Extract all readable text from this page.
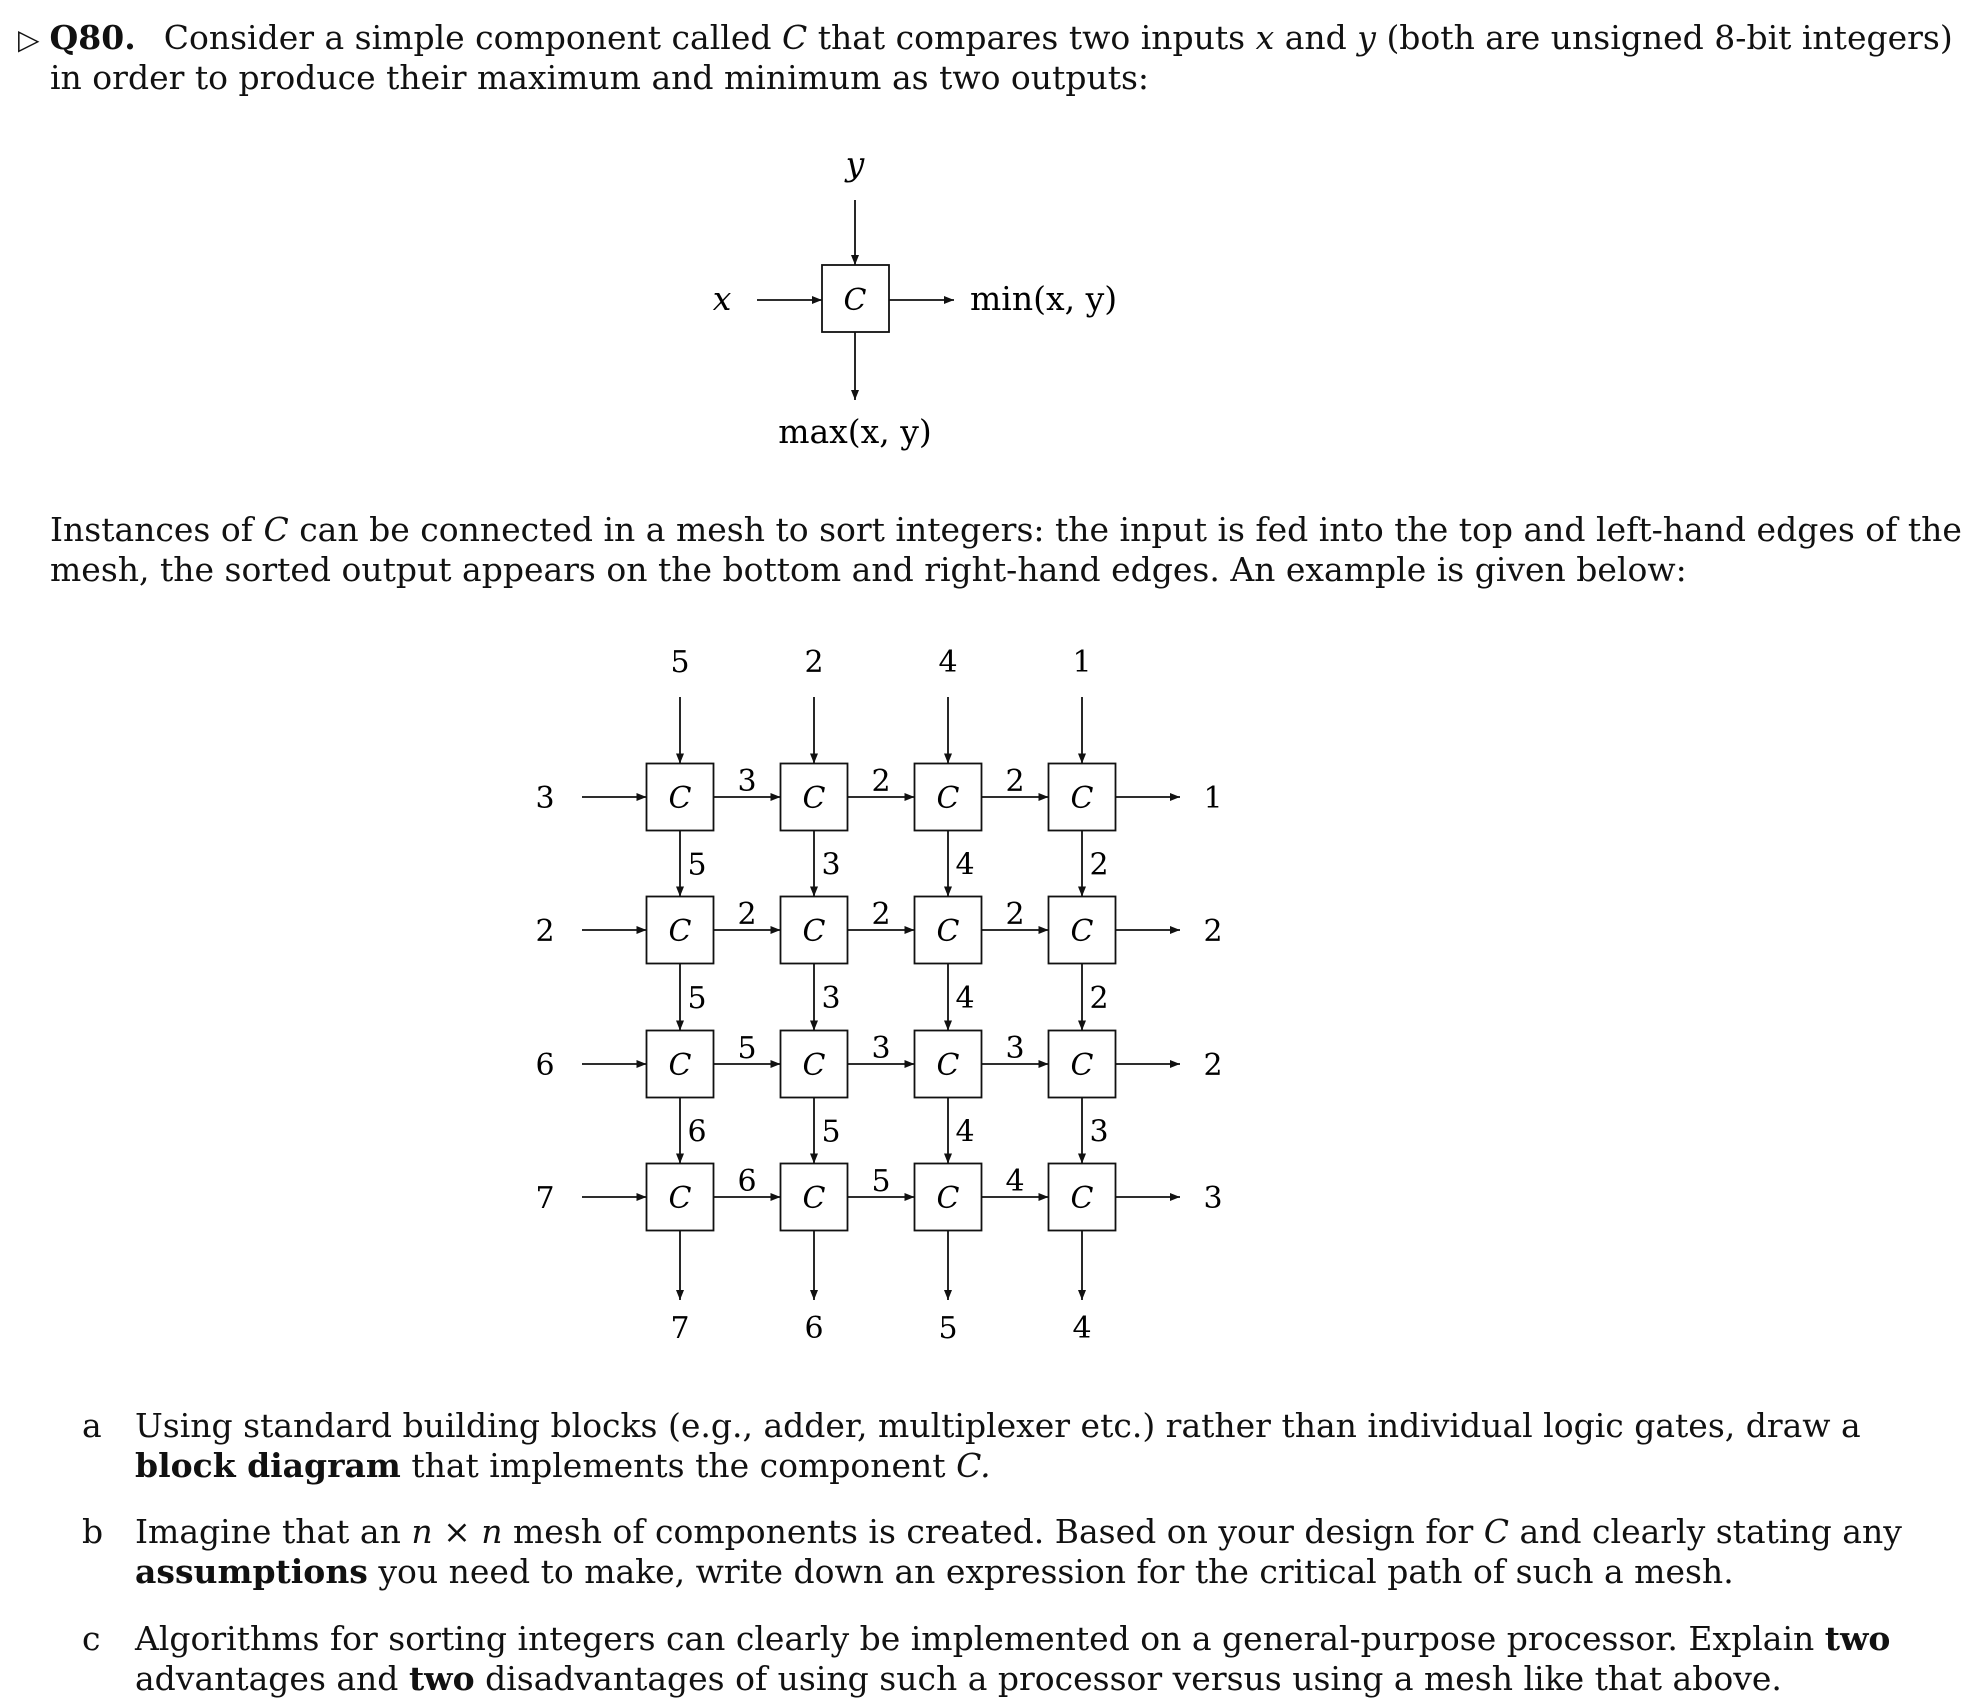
▷ Q80. Consider a simple component called C that compares two inputs x and y (both are unsigned 8-bit integers)
in order to produce their maximum and minimum as two outputs:
Instances of C can be connected in a mesh to sort integers: the input is fed into the top and left-hand edges of the
mesh, the sorted output appears on the bottom and right-hand edges. An example is given below:
C
y
x	min(x, y)
max(x, y)
5	2	4	1
3
2
6
7
C	C	C	C
C	C	C	C
C	C	C	C
C	C	C	C
3	2	2
2	2	2
5	3	3
6	5	4
5	3	4	2
5	3	4	2
6	5	4	3
1
2
2
3
7	6	5	4
a Using standard building blocks (e.g., adder, multiplexer etc.) rather than individual logic gates, draw a
block diagram that implements the component C.
b Imagine that an n × n mesh of components is created. Based on your design for C and clearly stating any
assumptions you need to make, write down an expression for the critical path of such a mesh.
c Algorithms for sorting integers can clearly be implemented on a general-purpose processor. Explain two
advantages and two disadvantages of using such a processor versus using a mesh like that above.
